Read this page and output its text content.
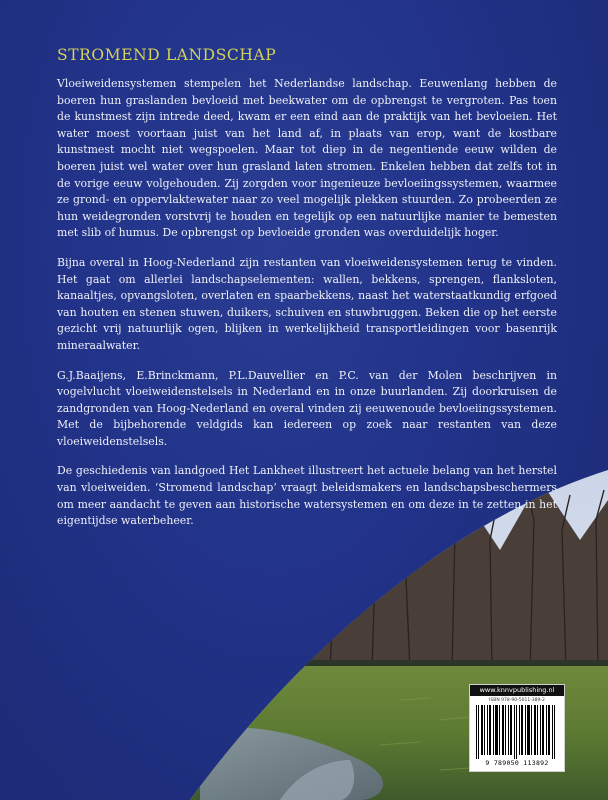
STROMEND LANDSCHAP

Vloeiweidensystemen stempelen het Nederlandse landschap. Eeuwenlang hebben de boeren hun graslanden bevloeid met beekwater om de opbrengst te vergroten. Pas toen de kunstmest zijn intrede deed, kwam er een eind aan de praktijk van het bevloeien. Het water moest voortaan juist van het land af, in plaats van erop, want de kostbare kunstmest mocht niet wegspoelen. Maar tot diep in de negentiende eeuw wilden de boeren juist wel water over hun grasland laten stromen. Enkelen hebben dat zelfs tot in de vorige eeuw volgehouden. Zij zorgden voor ingenieuze bevloeiingssystemen, waarmee ze grond- en oppervlaktewater naar zo veel mogelijk plekken stuurden. Zo probeerden ze hun weidegronden vorstvrij te houden en tegelijk op een natuurlijke manier te bemesten met slib of humus. De opbrengst op bevloeide gronden was overduidelijk hoger.

Bijna overal in Hoog-Nederland zijn restanten van vloeiweidensystemen terug te vinden. Het gaat om allerlei landschapselementen: wallen, bekkens, sprengen, flanksloten, kanaaltjes, opvangsloten, overlaten en spaarbekkens, naast het waterstaatkundig erfgoed van houten en stenen stuwen, duikers, schuiven en stuwbruggen. Beken die op het eerste gezicht vrij natuurlijk ogen, blijken in werkelijkheid transportleidingen voor basenrijk mineraalwater.

G.J.Baaijens, E.Brinckmann, P.L.Dauvellier en P.C. van der Molen beschrijven in vogelvlucht vloeiweidenstelsels in Nederland en in onze buurlanden. Zij doorkruisen de zandgronden van Hoog-Nederland en overal vinden zij eeuwenoude bevloeiingssystemen. Met de bijbehorende veldgids kan iedereen op zoek naar restanten van deze vloeiweidenstelsels.

De geschiedenis van landgoed Het Lankheet illustreert het actuele belang van het herstel van vloeiweiden. ‘Stromend landschap’ vraagt beleidsmakers en landschapsbeschermers om meer aandacht te geven aan historische watersystemen en om deze in te zetten in het eigentijdse waterbeheer.

www.knnvpublishing.nl
ISBN 978-90-5011-389-2
9 789050 113892
